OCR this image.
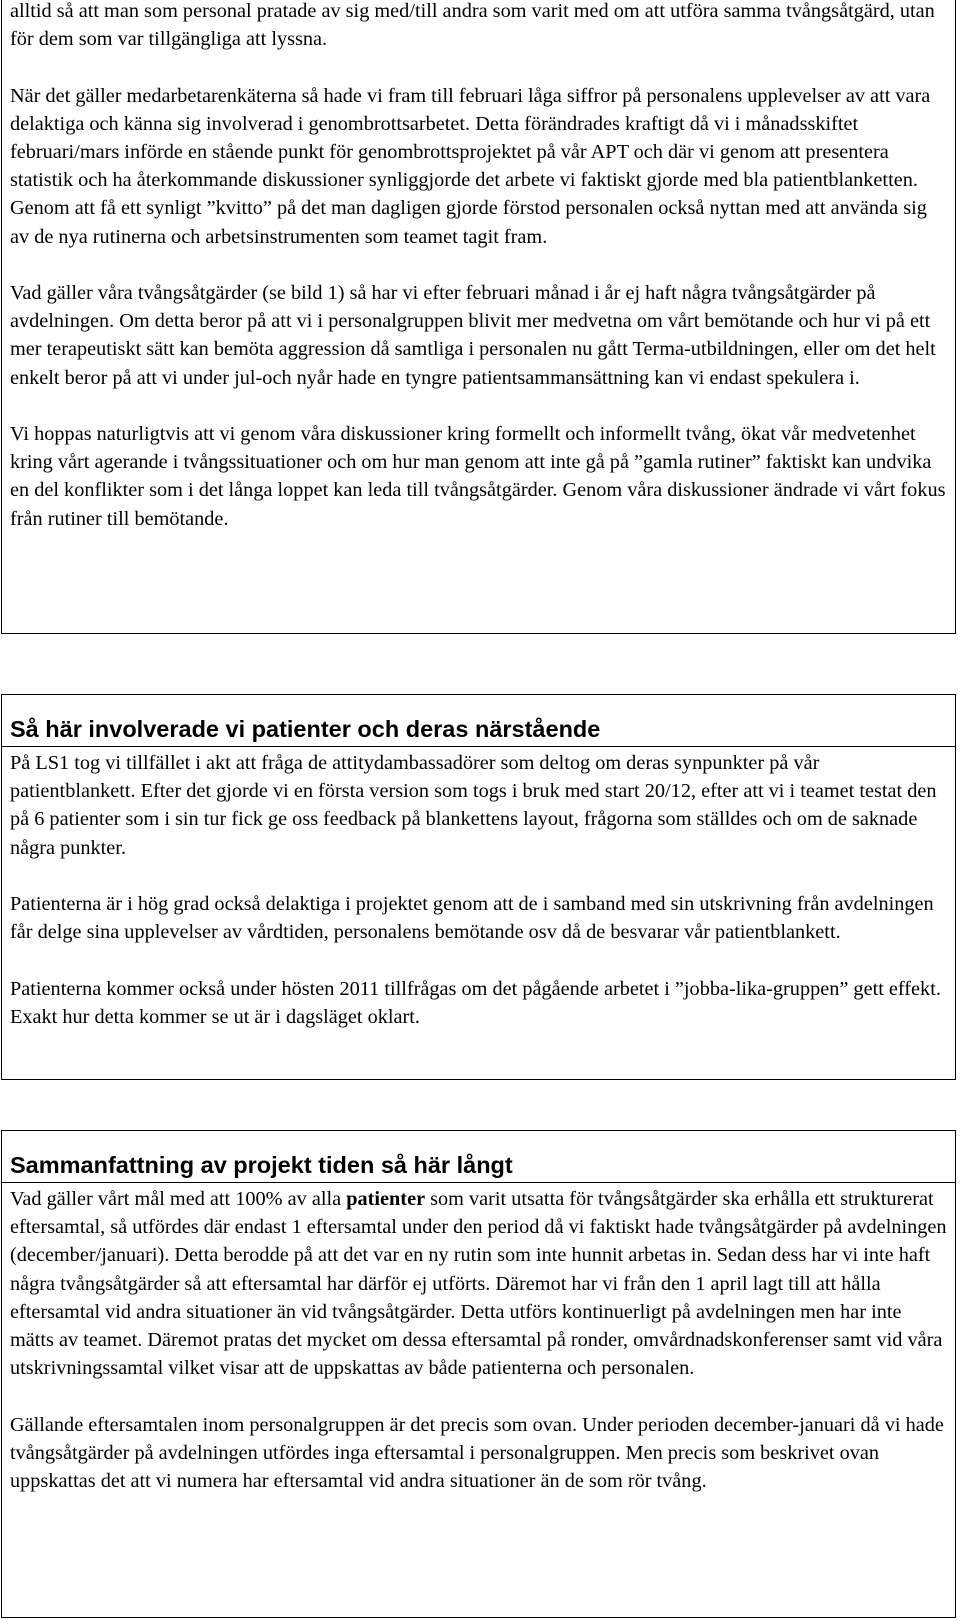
alltid så att man som personal pratade av sig med/till andra som varit med om att utföra samma tvångsåtgärd, utan för dem som var tillgängliga att lyssna.

När det gäller medarbetarenkäterna så hade vi fram till februari låga siffror på personalens upplevelser av att vara delaktiga och känna sig involverad i genombrottsarbetet. Detta förändrades kraftigt då vi i månadsskiftet februari/mars införde en stående punkt för genombrottsprojektet på vår APT och där vi genom att presentera statistik och ha återkommande diskussioner synliggjorde det arbete vi faktiskt gjorde med bla patientblanketten. Genom att få ett synligt ”kvitto” på det man dagligen gjorde förstod personalen också nyttan med att använda sig av de nya rutinerna och arbetsinstrumenten som teamet tagit fram.

Vad gäller våra tvångsåtgärder (se bild 1) så har vi efter februari månad i år ej haft några tvångsåtgärder på avdelningen. Om detta beror på att vi i personalgruppen blivit mer medvetna om vårt bemötande och hur vi på ett mer terapeutiskt sätt kan bemöta aggression då samtliga i personalen nu gått Terma-utbildningen, eller om det helt enkelt beror på att vi under jul-och nyår hade en tyngre patientsammansättning kan vi endast spekulera i.

Vi hoppas naturligtvis att vi genom våra diskussioner kring formellt och informellt tvång, ökat vår medvetenhet kring vårt agerande i tvångssituationer och om hur man genom att inte gå på ”gamla rutiner” faktiskt kan undvika en del konflikter som i det långa loppet kan leda till tvångsåtgärder. Genom våra diskussioner ändrade vi vårt fokus från rutiner till bemötande.

Så här involverade vi patienter och deras närstående

På LS1 tog vi tillfället i akt att fråga de attitydambassadörer som deltog om deras synpunkter på vår patientblankett. Efter det gjorde vi en första version som togs i bruk med start 20/12, efter att vi i teamet testat den på 6 patienter som i sin tur fick ge oss feedback på blankettens layout, frågorna som ställdes och om de saknade några punkter.

Patienterna är i hög grad också delaktiga i projektet genom att de i samband med sin utskrivning från avdelningen får delge sina upplevelser av vårdtiden, personalens bemötande osv då de besvarar vår patientblankett.

Patienterna kommer också under hösten 2011 tillfrågas om det pågående arbetet i ”jobba-lika-gruppen” gett effekt. Exakt hur detta kommer se ut är i dagsläget oklart.

Sammanfattning av projekt tiden så här långt

Vad gäller vårt mål med att 100% av alla patienter som varit utsatta för tvångsåtgärder ska erhålla ett strukturerat eftersamtal, så utfördes där endast 1 eftersamtal under den period då vi faktiskt hade tvångsåtgärder på avdelningen (december/januari). Detta berodde på att det var en ny rutin som inte hunnit arbetas in. Sedan dess har vi inte haft några tvångsåtgärder så att eftersamtal har därför ej utförts. Däremot har vi från den 1 april lagt till att hålla eftersamtal vid andra situationer än vid tvångsåtgärder. Detta utförs kontinuerligt på avdelningen men har inte mätts av teamet. Däremot pratas det mycket om dessa eftersamtal på ronder, omvårdnadskonferenser samt vid våra utskrivningssamtal vilket visar att de uppskattas av både patienterna och personalen.

Gällande eftersamtalen inom personalgruppen är det precis som ovan. Under perioden december-januari då vi hade tvångsåtgärder på avdelningen utfördes inga eftersamtal i personalgruppen. Men precis som beskrivet ovan uppskattas det att vi numera har eftersamtal vid andra situationer än de som rör tvång.
